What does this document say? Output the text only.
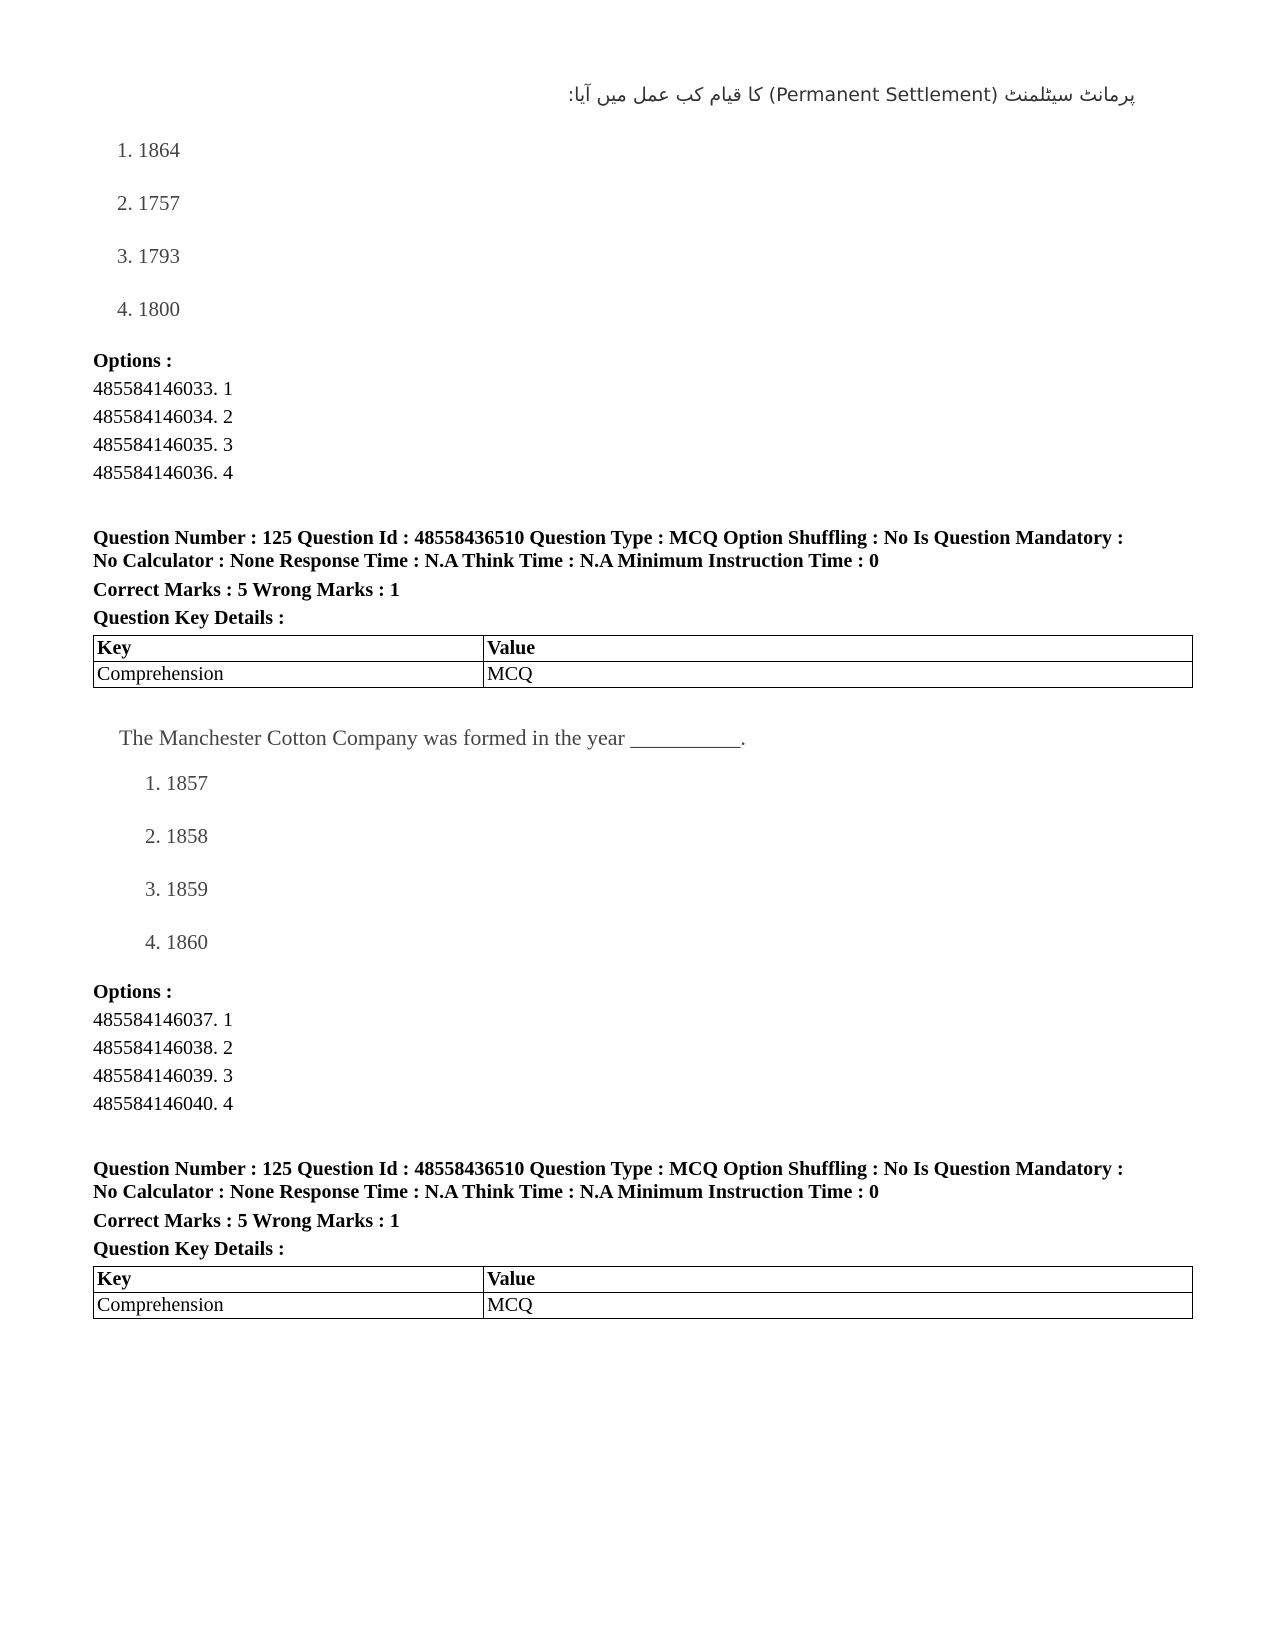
پرمانٹ سیٹلمنٹ (Permanent Settlement) کا قیام کب عمل میں آیا:
1. 1864
2. 1757
3. 1793
4. 1800
Options :
485584146033. 1
485584146034. 2
485584146035. 3
485584146036. 4
Question Number : 125 Question Id : 48558436510 Question Type : MCQ Option Shuffling : No Is Question Mandatory :
No Calculator : None Response Time : N.A Think Time : N.A Minimum Instruction Time : 0
Correct Marks : 5 Wrong Marks : 1
Question Key Details :
Key	Value
Comprehension	MCQ
The Manchester Cotton Company was formed in the year __________.
1. 1857
2. 1858
3. 1859
4. 1860
Options :
485584146037. 1
485584146038. 2
485584146039. 3
485584146040. 4
Question Number : 125 Question Id : 48558436510 Question Type : MCQ Option Shuffling : No Is Question Mandatory :
No Calculator : None Response Time : N.A Think Time : N.A Minimum Instruction Time : 0
Correct Marks : 5 Wrong Marks : 1
Question Key Details :
Key	Value
Comprehension	MCQ
